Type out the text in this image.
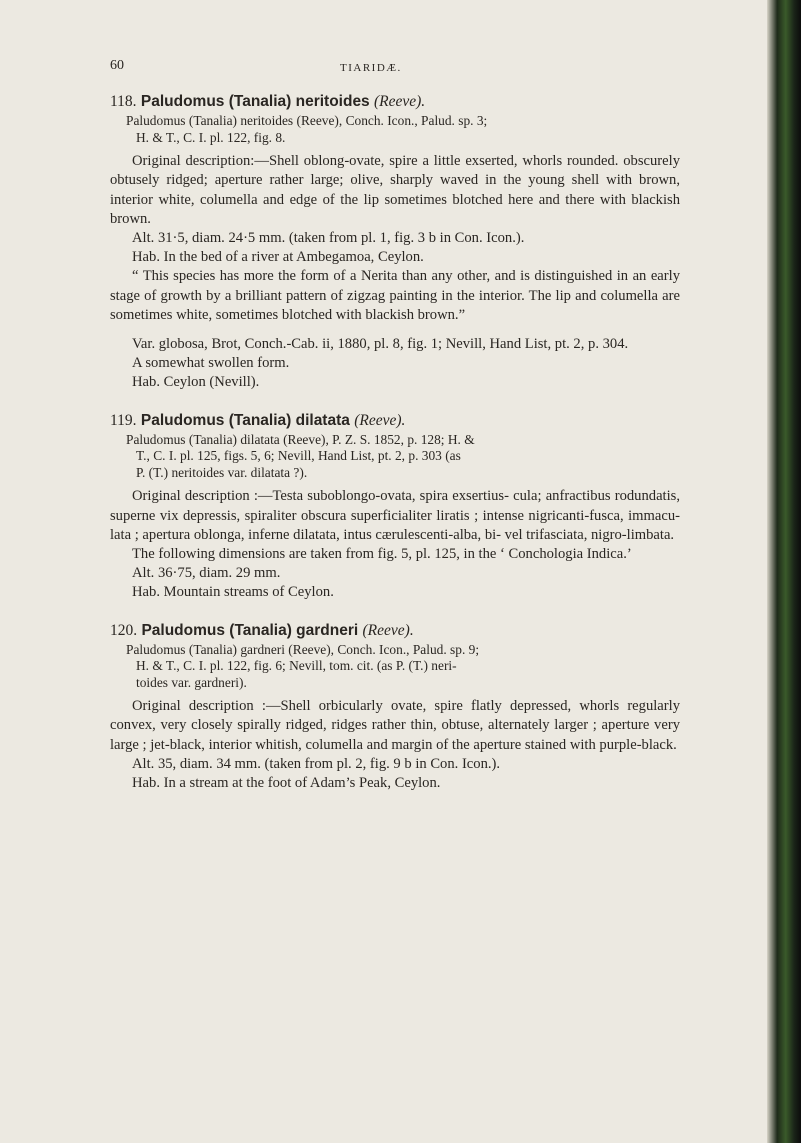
60	TIARIDÆ.
118. Paludomus (Tanalia) neritoides (Reeve).
Paludomus (Tanalia) neritoides (Reeve), Conch. Icon., Palud. sp. 3;
H. & T., C. I. pl. 122, fig. 8.

Original description:—Shell oblong-ovate, spire a little exserted, whorls rounded. obscurely obtusely ridged; aperture rather large; olive, sharply waved in the young shell with brown, interior white, columella and edge of the lip sometimes blotched here and there with blackish brown.

Alt. 31·5, diam. 24·5 mm. (taken from pl. 1, fig. 3 b in Con. Icon.).

Hab. In the bed of a river at Ambegamoa, Ceylon.

“ This species has more the form of a Nerita than any other, and is distinguished in an early stage of growth by a brilliant pattern of zigzag painting in the interior. The lip and columella are sometimes white, sometimes blotched with blackish brown.”

Var. globosa, Brot, Conch.-Cab. ii, 1880, pl. 8, fig. 1; Nevill, Hand List, pt. 2, p. 304.

A somewhat swollen form.

Hab. Ceylon (Nevill).

119. Paludomus (Tanalia) dilatata (Reeve).
Paludomus (Tanalia) dilatata (Reeve), P. Z. S. 1852, p. 128; H. &
T., C. I. pl. 125, figs. 5, 6; Nevill, Hand List, pt. 2, p. 303 (as
P. (T.) neritoides var. dilatata ?).

Original description :—Testa suboblongo-ovata, spira exsertius- cula; anfractibus rodundatis, superne vix depressis, spiraliter obscura superficialiter liratis ; intense nigricanti-fusca, immacu- lata ; apertura oblonga, inferne dilatata, intus cærulescenti-alba, bi- vel trifasciata, nigro-limbata.

The following dimensions are taken from fig. 5, pl. 125, in the ‘ Conchologia Indica.’

Alt. 36·75, diam. 29 mm.

Hab. Mountain streams of Ceylon.

120. Paludomus (Tanalia) gardneri (Reeve).
Paludomus (Tanalia) gardneri (Reeve), Conch. Icon., Palud. sp. 9;
H. & T., C. I. pl. 122, fig. 6; Nevill, tom. cit. (as P. (T.) neri-
toides var. gardneri).

Original description :—Shell orbicularly ovate, spire flatly depressed, whorls regularly convex, very closely spirally ridged, ridges rather thin, obtuse, alternately larger ; aperture very large ; jet-black, interior whitish, columella and margin of the aperture stained with purple-black.

Alt. 35, diam. 34 mm. (taken from pl. 2, fig. 9 b in Con. Icon.).

Hab. In a stream at the foot of Adam’s Peak, Ceylon.
